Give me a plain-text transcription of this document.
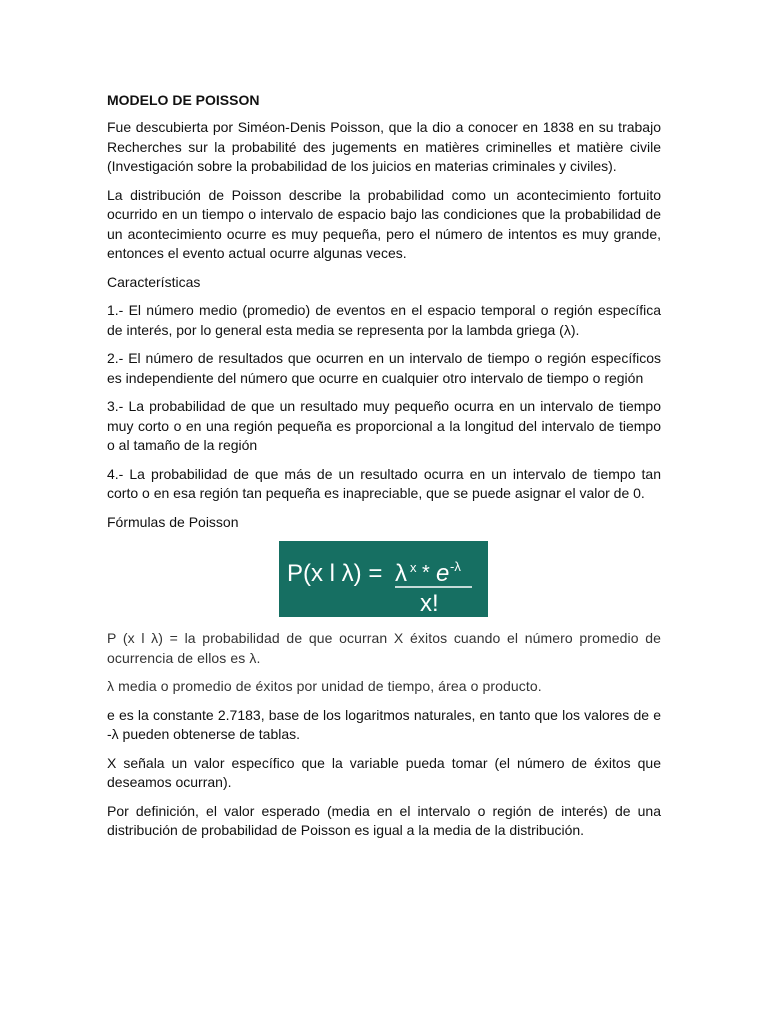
MODELO DE POISSON

Fue descubierta por Siméon-Denis Poisson, que la dio a conocer en 1838 en su trabajo Recherches sur la probabilité des jugements en matières criminelles et matière civile (Investigación sobre la probabilidad de los juicios en materias criminales y civiles).

La distribución de Poisson describe la probabilidad como un acontecimiento fortuito ocurrido en un tiempo o intervalo de espacio bajo las condiciones que la probabilidad de un acontecimiento ocurre es muy pequeña, pero el número de intentos es muy grande, entonces el evento actual ocurre algunas veces.

Características

1.- El número medio (promedio) de eventos en el espacio temporal o región específica de interés, por lo general esta media se representa por la lambda griega (λ).

2.- El número de resultados que ocurren en un intervalo de tiempo o región específicos es independiente del número que ocurre en cualquier otro intervalo de tiempo o región

3.- La probabilidad de que un resultado muy pequeño ocurra en un intervalo de tiempo muy corto o en una región pequeña es proporcional a la longitud del intervalo de tiempo o al tamaño de la región

4.- La probabilidad de que más de un resultado ocurra en un intervalo de tiempo tan corto o en esa región tan pequeña es inapreciable, que se puede asignar el valor de 0.

Fórmulas de Poisson

P(x l λ) = λ x * e -λ
x!

P (x l λ) = la probabilidad de que ocurran X éxitos cuando el número promedio de ocurrencia de ellos es λ.

λ media o promedio de éxitos por unidad de tiempo, área o producto.

e es la constante 2.7183, base de los logaritmos naturales, en tanto que los valores de e -λ pueden obtenerse de tablas.

X señala un valor específico que la variable pueda tomar (el número de éxitos que deseamos ocurran).

Por definición, el valor esperado (media en el intervalo o región de interés) de una distribución de probabilidad de Poisson es igual a la media de la distribución.
